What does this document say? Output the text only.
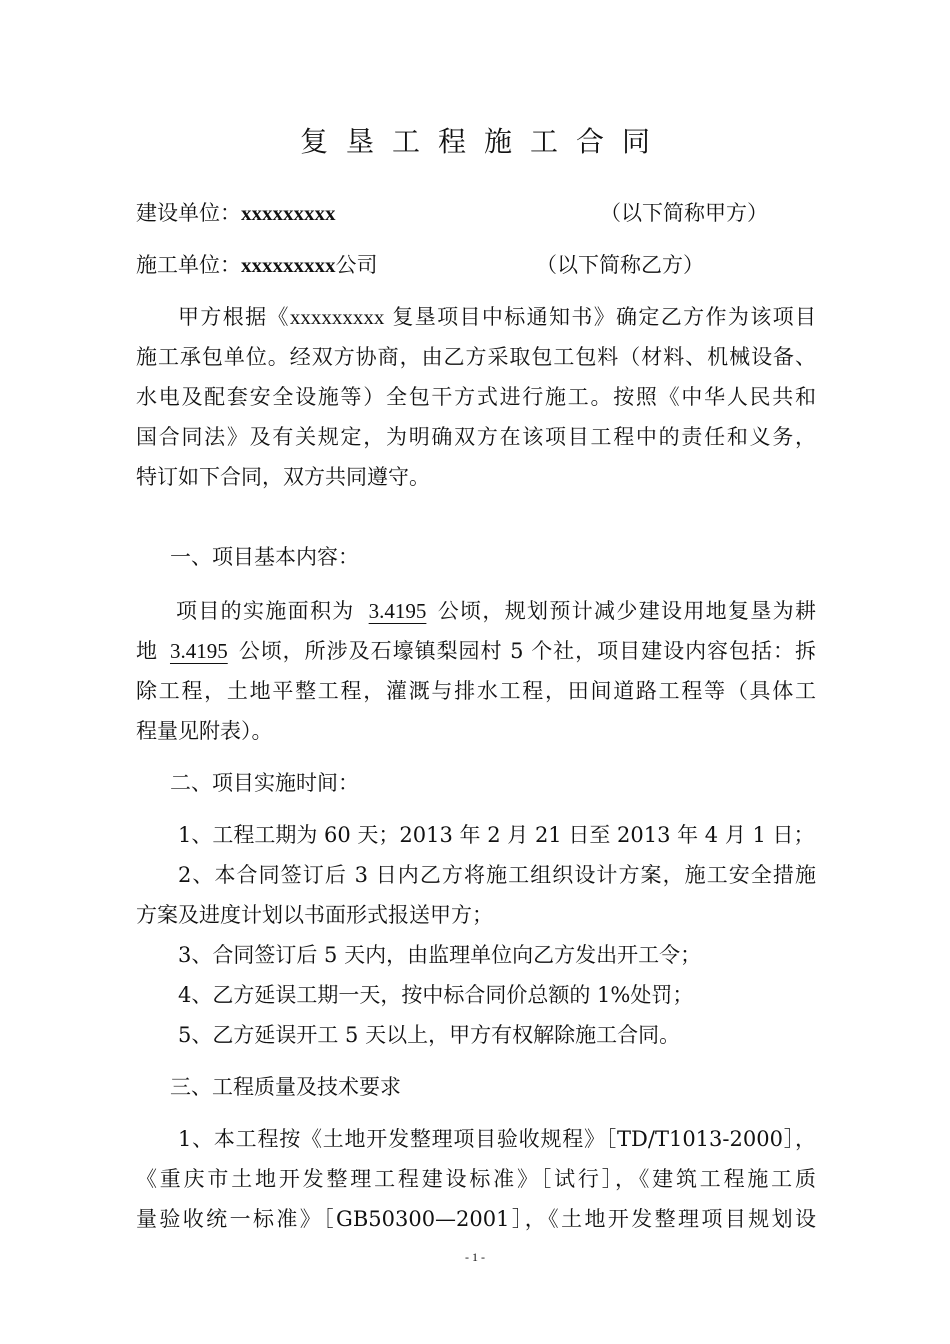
复垦工程施工合同
建设单位：xxxxxxxxx	（以下简称甲方）
施工单位：xxxxxxxxx公司	（以下简称乙方）
甲方根据《xxxxxxxxx 复垦项目中标通知书》确定乙方作为该项目
施工承包单位。经双方协商，由乙方采取包工包料（材料、机械设备、
水电及配套安全设施等）全包干方式进行施工。按照《中华人民共和
国合同法》及有关规定，为明确双方在该项目工程中的责任和义务，
特订如下合同，双方共同遵守。
一、项目基本内容：
项目的实施面积为 3.4195 公顷，规划预计减少建设用地复垦为耕
地 3.4195 公顷，所涉及石壕镇梨园村 5 个社，项目建设内容包括：拆
除工程，土地平整工程，灌溉与排水工程，田间道路工程等（具体工
程量见附表）。
二、项目实施时间：
1、工程工期为 60 天；2013 年 2 月 21 日至 2013 年 4 月 1 日；
2、本合同签订后 3 日内乙方将施工组织设计方案，施工安全措施
方案及进度计划以书面形式报送甲方；
3、合同签订后 5 天内，由监理单位向乙方发出开工令；
4、乙方延误工期一天，按中标合同价总额的 1%处罚；
5、乙方延误开工 5 天以上，甲方有权解除施工合同。
三、工程质量及技术要求
1、本工程按《土地开发整理项目验收规程》［TD/T1013-2000］，
《重庆市土地开发整理工程建设标准》［试行］，《建筑工程施工质
量验收统一标准》［GB50300—2001］，《土地开发整理项目规划设
- 1 -
